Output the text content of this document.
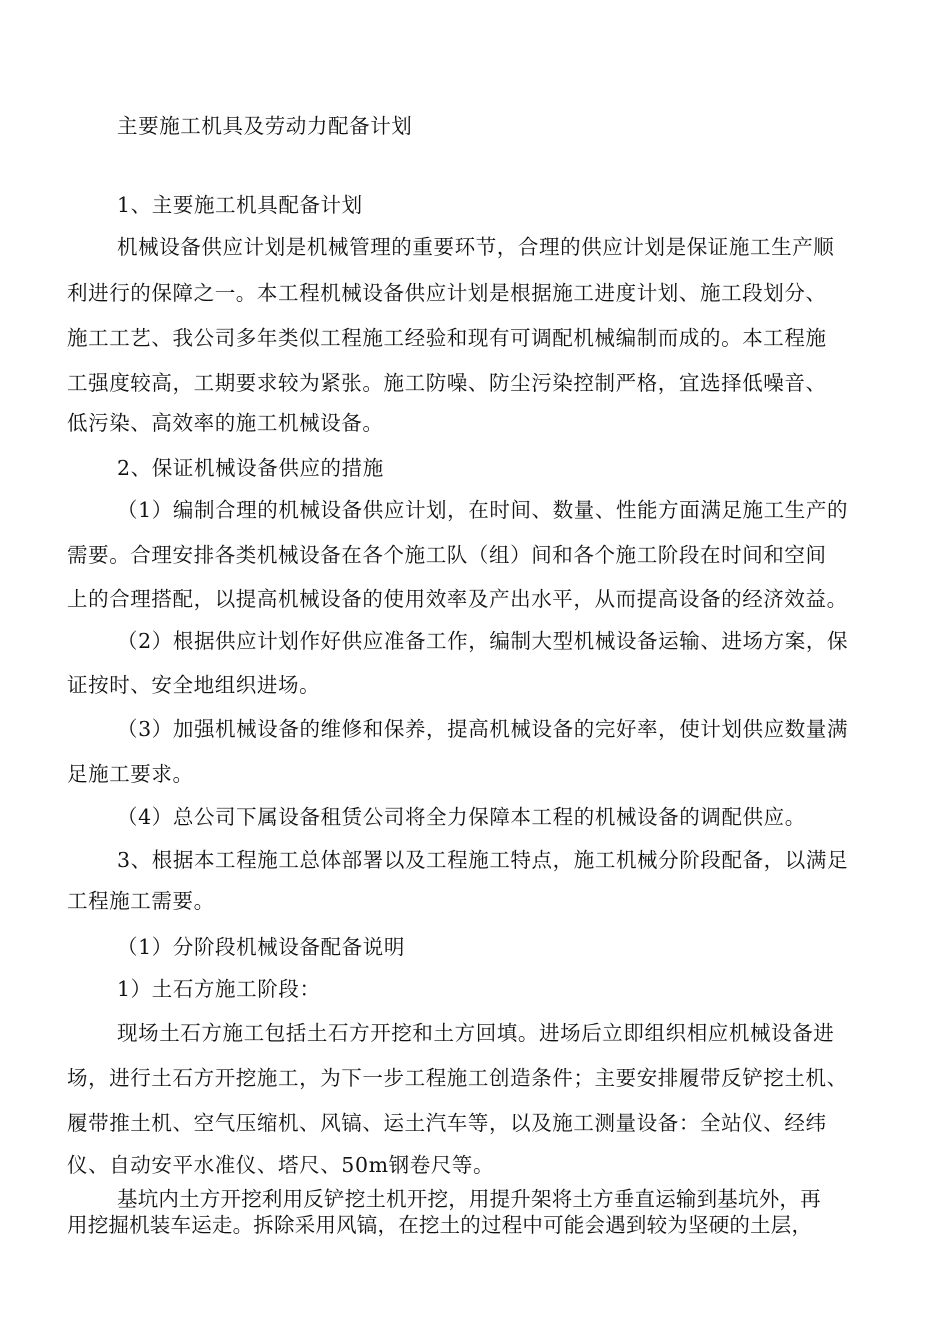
主要施工机具及劳动力配备计划
1、主要施工机具配备计划
机械设备供应计划是机械管理的重要环节，合理的供应计划是保证施工生产顺
利进行的保障之一。本工程机械设备供应计划是根据施工进度计划、施工段划分、
施工工艺、我公司多年类似工程施工经验和现有可调配机械编制而成的。本工程施
工强度较高，工期要求较为紧张。施工防噪、防尘污染控制严格，宜选择低噪音、
低污染、高效率的施工机械设备。
2、保证机械设备供应的措施
（1）编制合理的机械设备供应计划，在时间、数量、性能方面满足施工生产的
需要。合理安排各类机械设备在各个施工队（组）间和各个施工阶段在时间和空间
上的合理搭配，以提高机械设备的使用效率及产出水平，从而提高设备的经济效益。
（2）根据供应计划作好供应准备工作，编制大型机械设备运输、进场方案，保
证按时、安全地组织进场。
（3）加强机械设备的维修和保养，提高机械设备的完好率，使计划供应数量满
足施工要求。
（4）总公司下属设备租赁公司将全力保障本工程的机械设备的调配供应。
3、根据本工程施工总体部署以及工程施工特点，施工机械分阶段配备，以满足
工程施工需要。
（1）分阶段机械设备配备说明
1）土石方施工阶段：
现场土石方施工包括土石方开挖和土方回填。进场后立即组织相应机械设备进
场，进行土石方开挖施工，为下一步工程施工创造条件；主要安排履带反铲挖土机、
履带推土机、空气压缩机、风镐、运土汽车等，以及施工测量设备：全站仪、经纬
仪、自动安平水准仪、塔尺、50m钢卷尺等。
基坑内土方开挖利用反铲挖土机开挖，用提升架将土方垂直运输到基坑外，再
用挖掘机装车运走。拆除采用风镐，在挖土的过程中可能会遇到较为坚硬的土层，
